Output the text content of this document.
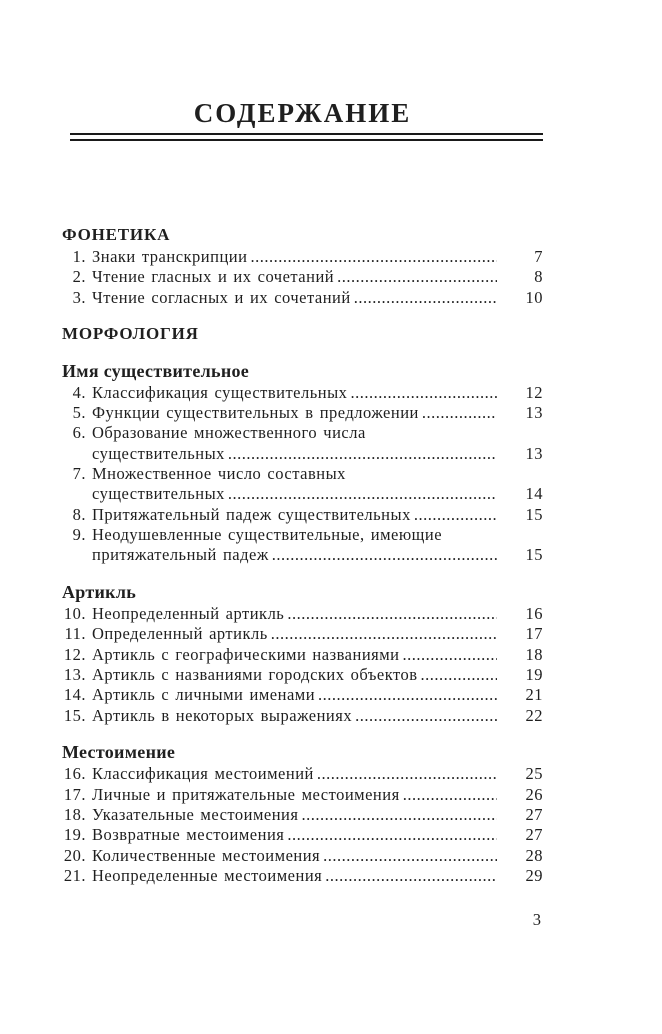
СОДЕРЖАНИЕ
ФОНЕТИКА
1. Знаки транскрипции .....	7
2. Чтение гласных и их сочетаний .....	8
3. Чтение согласных и их сочетаний .....	10
МОРФОЛОГИЯ
Имя существительное
4. Классификация существительных .....	12
5. Функции существительных в предложении .....	13
6. Образование множественного числа
существительных .....	13
7. Множественное число составных
существительных .....	14
8. Притяжательный падеж существительных .....	15
9. Неодушевленные существительные, имеющие
притяжательный падеж .....	15
Артикль
10. Неопределенный артикль .....	16
11. Определенный артикль .....	17
12. Артикль с географическими названиями .....	18
13. Артикль с названиями городских объектов .....	19
14. Артикль с личными именами .....	21
15. Артикль в некоторых выражениях .....	22
Местоимение
16. Классификация местоимений .....	25
17. Личные и притяжательные местоимения .....	26
18. Указательные местоимения .....	27
19. Возвратные местоимения .....	27
20. Количественные местоимения .....	28
21. Неопределенные местоимения .....	29
3
